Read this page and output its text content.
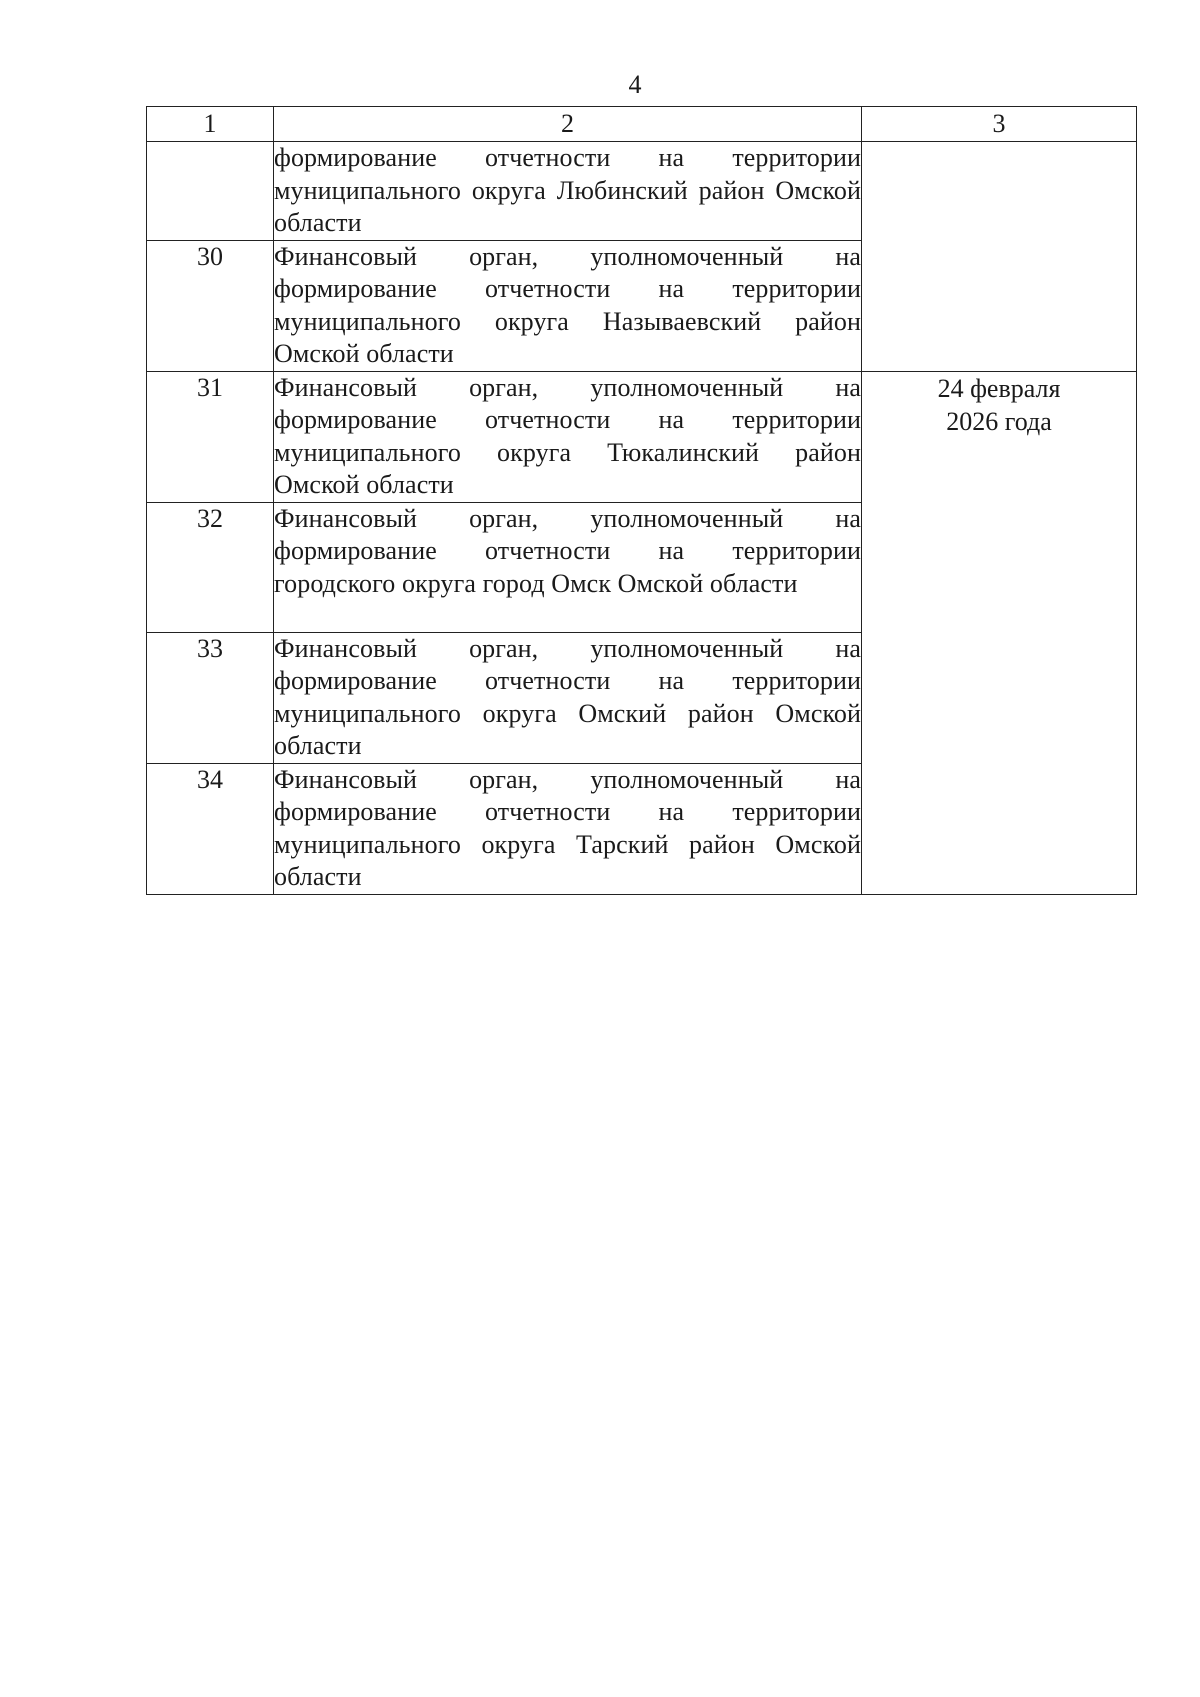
4
1	2	3
	формирование отчетности на территории муниципального округа Любинский район Омской области	
30	Финансовый орган, уполномоченный на формирование отчетности на территории муниципального округа Называевский район Омской области	
31	Финансовый орган, уполномоченный на формирование отчетности на территории муниципального округа Тюкалинский район Омской области	24 февраля
2026 года

32	Финансовый орган, уполномоченный на формирование отчетности на территории городского округа город Омск Омской области	
33	Финансовый орган, уполномоченный на формирование отчетности на территории муниципального округа Омский район Омской области	
34	Финансовый орган, уполномоченный на формирование отчетности на территории муниципального округа Тарский район Омской области	
